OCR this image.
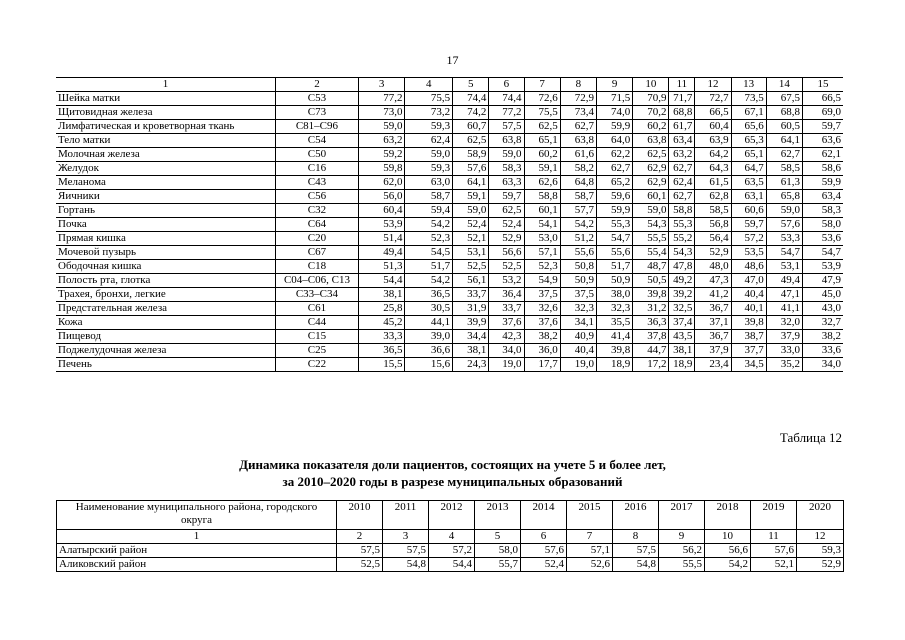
17
1	2	3	4	5	6	7	8	9	10	11	12	13	14	15
Шейка матки	С53	77,2	75,5	74,4	74,4	72,6	72,9	71,5	70,9	71,7	72,7	73,5	67,5	66,5
Щитовидная железа	С73	73,0	73,2	74,2	77,2	75,5	73,4	74,0	70,2	68,8	66,5	67,1	68,8	69,0
Лимфатическая и кроветворная ткань	С81–С96	59,0	59,3	60,7	57,5	62,5	62,7	59,9	60,2	61,7	60,4	65,6	60,5	59,7
Тело матки	С54	63,2	62,4	62,5	63,8	65,1	63,8	64,0	63,8	63,4	63,9	65,3	64,1	63,6
Молочная железа	С50	59,2	59,0	58,9	59,0	60,2	61,6	62,2	62,5	63,2	64,2	65,1	62,7	62,1
Желудок	С16	59,8	59,3	57,6	58,3	59,1	58,2	62,7	62,9	62,7	64,3	64,7	58,5	58,6
Меланома	С43	62,0	63,0	64,1	63,3	62,6	64,8	65,2	62,9	62,4	61,5	63,5	61,3	59,9
Яичники	С56	56,0	58,7	59,1	59,7	58,8	58,7	59,6	60,1	62,7	62,8	63,1	65,8	63,4
Гортань	С32	60,4	59,4	59,0	62,5	60,1	57,7	59,9	59,0	58,8	58,5	60,6	59,0	58,3
Почка	С64	53,9	54,2	52,4	52,4	54,1	54,2	55,3	54,3	55,3	56,8	59,7	57,6	58,0
Прямая кишка	С20	51,4	52,3	52,1	52,9	53,0	51,2	54,7	55,5	55,2	56,4	57,2	53,3	53,6
Мочевой пузырь	С67	49,4	54,5	53,1	56,6	57,1	55,6	55,6	55,4	54,3	52,9	53,5	54,7	54,7
Ободочная кишка	С18	51,3	51,7	52,5	52,5	52,3	50,8	51,7	48,7	47,8	48,0	48,6	53,1	53,9
Полость рта, глотка	С04–С06, С13	54,4	54,2	56,1	53,2	54,9	50,9	50,9	50,5	49,2	47,3	47,0	49,4	47,9
Трахея, бронхи, легкие	С33–С34	38,1	36,5	33,7	36,4	37,5	37,5	38,0	39,8	39,2	41,2	40,4	47,1	45,0
Предстательная железа	С61	25,8	30,5	31,9	33,7	32,6	32,3	32,3	31,2	32,5	36,7	40,1	41,1	43,0
Кожа	С44	45,2	44,1	39,9	37,6	37,6	34,1	35,5	36,3	37,4	37,1	39,8	32,0	32,7
Пищевод	С15	33,3	39,0	34,4	42,3	38,2	40,9	41,4	37,8	43,5	36,7	38,7	37,9	38,2
Поджелудочная железа	С25	36,5	36,6	38,1	34,0	36,0	40,4	39,8	44,7	38,1	37,9	37,7	33,0	33,6
Печень	С22	15,5	15,6	24,3	19,0	17,7	19,0	18,9	17,2	18,9	23,4	34,5	35,2	34,0
Таблица 12
Динамика показателя доли пациентов, состоящих на учете 5 и более лет,
за 2010–2020 годы в разрезе муниципальных образований
Наименование муниципального района, городского округа	2010	2011	2012	2013	2014	2015	2016	2017	2018	2019	2020
1	2	3	4	5	6	7	8	9	10	11	12
Алатырский район	57,5	57,5	57,2	58,0	57,6	57,1	57,5	56,2	56,6	57,6	59,3
Аликовский район	52,5	54,8	54,4	55,7	52,4	52,6	54,8	55,5	54,2	52,1	52,9
